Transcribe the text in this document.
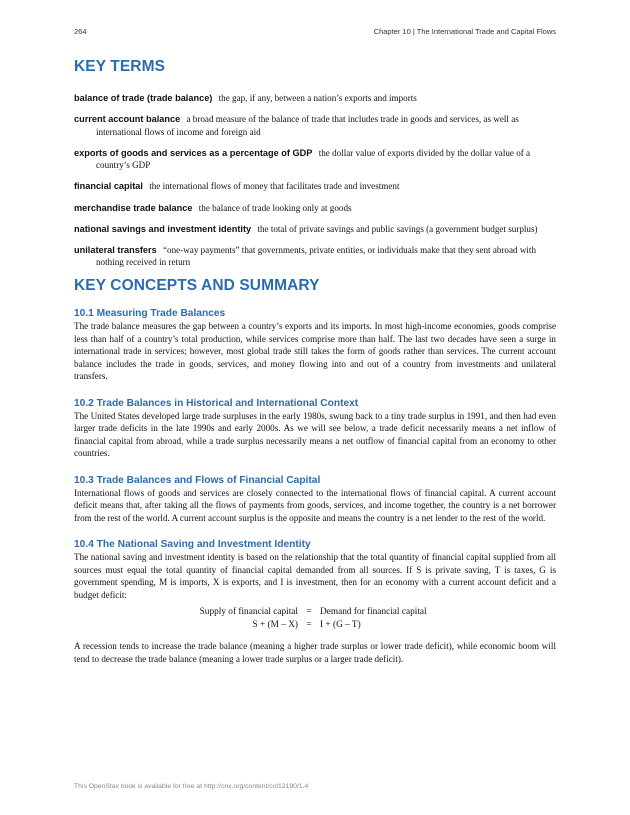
264	Chapter 10 | The International Trade and Capital Flows
KEY TERMS
balance of trade (trade balance) the gap, if any, between a nation’s exports and imports
current account balance a broad measure of the balance of trade that includes trade in goods and services, as well as international flows of income and foreign aid
exports of goods and services as a percentage of GDP the dollar value of exports divided by the dollar value of a country’s GDP
financial capital the international flows of money that facilitates trade and investment
merchandise trade balance the balance of trade looking only at goods
national savings and investment identity the total of private savings and public savings (a government budget surplus)
unilateral transfers “one-way payments” that governments, private entities, or individuals make that they sent abroad with nothing received in return
KEY CONCEPTS AND SUMMARY
10.1 Measuring Trade Balances

The trade balance measures the gap between a country’s exports and its imports. In most high-income economies, goods comprise less than half of a country’s total production, while services comprise more than half. The last two decades have seen a surge in international trade in services; however, most global trade still takes the form of goods rather than services. The current account balance includes the trade in goods, services, and money flowing into and out of a country from investments and unilateral transfers.

10.2 Trade Balances in Historical and International Context

The United States developed large trade surpluses in the early 1980s, swung back to a tiny trade surplus in 1991, and then had even larger trade deficits in the late 1990s and early 2000s. As we will see below, a trade deficit necessarily means a net inflow of financial capital from abroad, while a trade surplus necessarily means a net outflow of financial capital from an economy to other countries.

10.3 Trade Balances and Flows of Financial Capital

International flows of goods and services are closely connected to the international flows of financial capital. A current account deficit means that, after taking all the flows of payments from goods, services, and income together, the country is a net borrower from the rest of the world. A current account surplus is the opposite and means the country is a net lender to the rest of the world.

10.4 The National Saving and Investment Identity

The national saving and investment identity is based on the relationship that the total quantity of financial capital supplied from all sources must equal the total quantity of financial capital demanded from all sources. If S is private saving, T is taxes, G is government spending, M is imports, X is exports, and I is investment, then for an economy with a current account deficit and a budget deficit:

Supply of financial capital = Demand for financial capital
S + (M – X) = I + (G – T)

A recession tends to increase the trade balance (meaning a higher trade surplus or lower trade deficit), while economic boom will tend to decrease the trade balance (meaning a lower trade surplus or a larger trade deficit).

This OpenStax book is available for free at http://cnx.org/content/col12190/1.4
